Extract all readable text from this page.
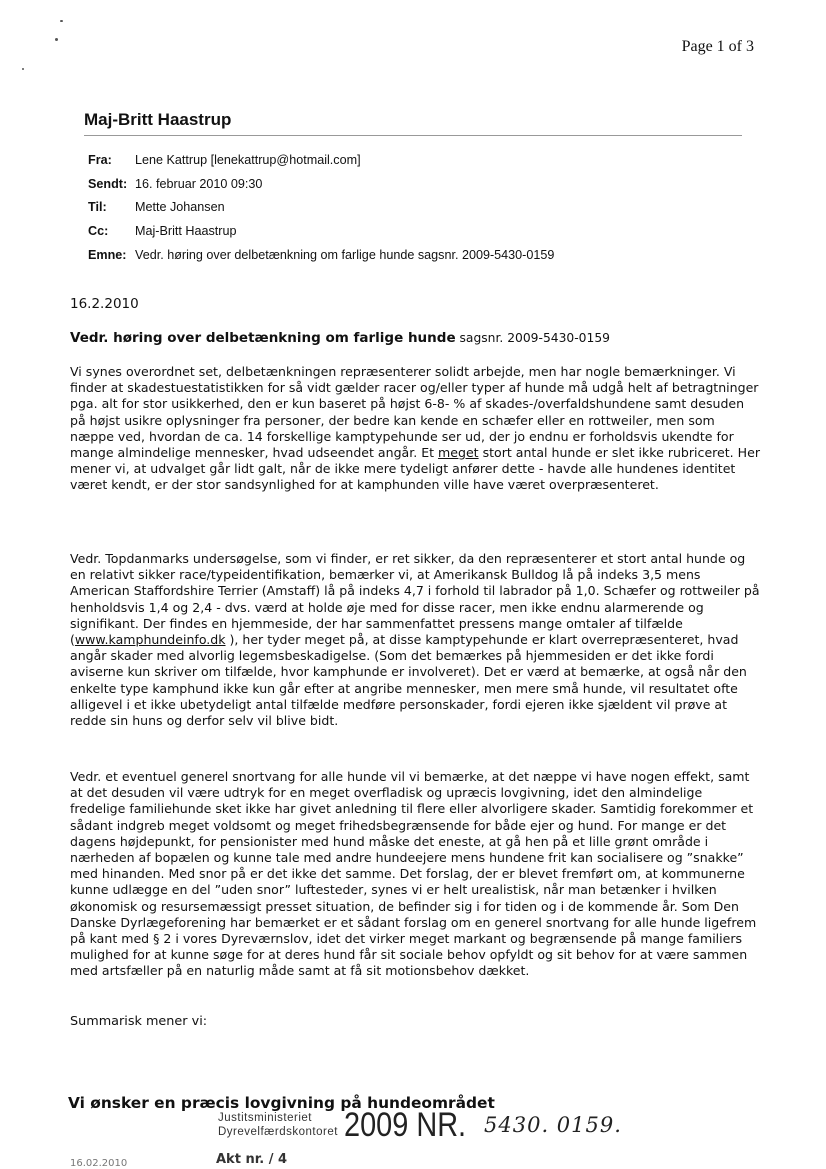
Page 1 of 3
Maj-Britt Haastrup
Fra:	Lene Kattrup [lenekattrup@hotmail.com]
Sendt:	16. februar 2010 09:30
Til:	Mette Johansen
Cc:	Maj-Britt Haastrup
Emne:	Vedr. høring over delbetænkning om farlige hunde sagsnr. 2009-5430-0159
16.2.2010
Vedr. høring over delbetænkning om farlige hunde sagsnr. 2009-5430-0159

Vi synes overordnet set, delbetænkningen repræsenterer solidt arbejde, men har nogle bemærkninger. Vi finder at skadestuestatistikken for så vidt gælder racer og/eller typer af hunde må udgå helt af betragtninger pga. alt for stor usikkerhed, den er kun baseret på højst 6-8- % af skades-/overfaldshundene samt desuden på højst usikre oplysninger fra personer, der bedre kan kende en schæfer eller en rottweiler, men som næppe ved, hvordan de ca. 14 forskellige kamptypehunde ser ud, der jo endnu er forholdsvis ukendte for mange almindelige mennesker, hvad udseendet angår. Et meget stort antal hunde er slet ikke rubriceret. Her mener vi, at udvalget går lidt galt, når de ikke mere tydeligt anfører dette - havde alle hundenes identitet været kendt, er der stor sandsynlighed for at kamphunden ville have været overpræsenteret.

Vedr. Topdanmarks undersøgelse, som vi finder, er ret sikker, da den repræsenterer et stort antal hunde og en relativt sikker race/typeidentifikation, bemærker vi, at Amerikansk Bulldog lå på indeks 3,5 mens American Staffordshire Terrier (Amstaff) lå på indeks 4,7 i forhold til labrador på 1,0. Schæfer og rottweiler på henholdsvis 1,4 og 2,4 - dvs. værd at holde øje med for disse racer, men ikke endnu alarmerende og signifikant. Der findes en hjemmeside, der har sammenfattet pressens mange omtaler af tilfælde (www.kamphundeinfo.dk ), her tyder meget på, at disse kamptypehunde er klart overrepræsenteret, hvad angår skader med alvorlig legemsbeskadigelse. (Som det bemærkes på hjemmesiden er det ikke fordi aviserne kun skriver om tilfælde, hvor kamphunde er involveret). Det er værd at bemærke, at også når den enkelte type kamphund ikke kun går efter at angribe mennesker, men mere små hunde, vil resultatet ofte alligevel i et ikke ubetydeligt antal tilfælde medføre personskader, fordi ejeren ikke sjældent vil prøve at redde sin huns og derfor selv vil blive bidt.

Vedr. et eventuel generel snortvang for alle hunde vil vi bemærke, at det næppe vi have nogen effekt, samt at det desuden vil være udtryk for en meget overfladisk og upræcis lovgivning, idet den almindelige fredelige familiehunde sket ikke har givet anledning til flere eller alvorligere skader. Samtidig forekommer et sådant indgreb meget voldsomt og meget frihedsbegrænsende for både ejer og hund. For mange er det dagens højdepunkt, for pensionister med hund måske det eneste, at gå hen på et lille grønt område i nærheden af bopælen og kunne tale med andre hundeejere mens hundene frit kan socialisere og ”snakke” med hinanden. Med snor på er det ikke det samme. Det forslag, der er blevet fremført om, at kommunerne kunne udlægge en del ”uden snor” luftesteder, synes vi er helt urealistisk, når man betænker i hvilken økonomisk og resursemæssigt presset situation, de befinder sig i for tiden og i de kommende år. Som Den Danske Dyrlægeforening har bemærket er et sådant forslag om en generel snortvang for alle hunde ligefrem på kant med § 2 i vores Dyreværnslov, idet det virker meget markant og begrænsende på mange familiers mulighed for at kunne søge for at deres hund får sit sociale behov opfyldt og sit behov for at være sammen med artsfæller på en naturlig måde samt at få sit motionsbehov dækket.

Summarisk mener vi:
Vi ønsker en præcis lovgivning på hundeområdet
Justitsministeriet
Dyrevelfærdskontoret 2009 NR. 5430. 0159.
Akt nr. / 4
16.02.2010
